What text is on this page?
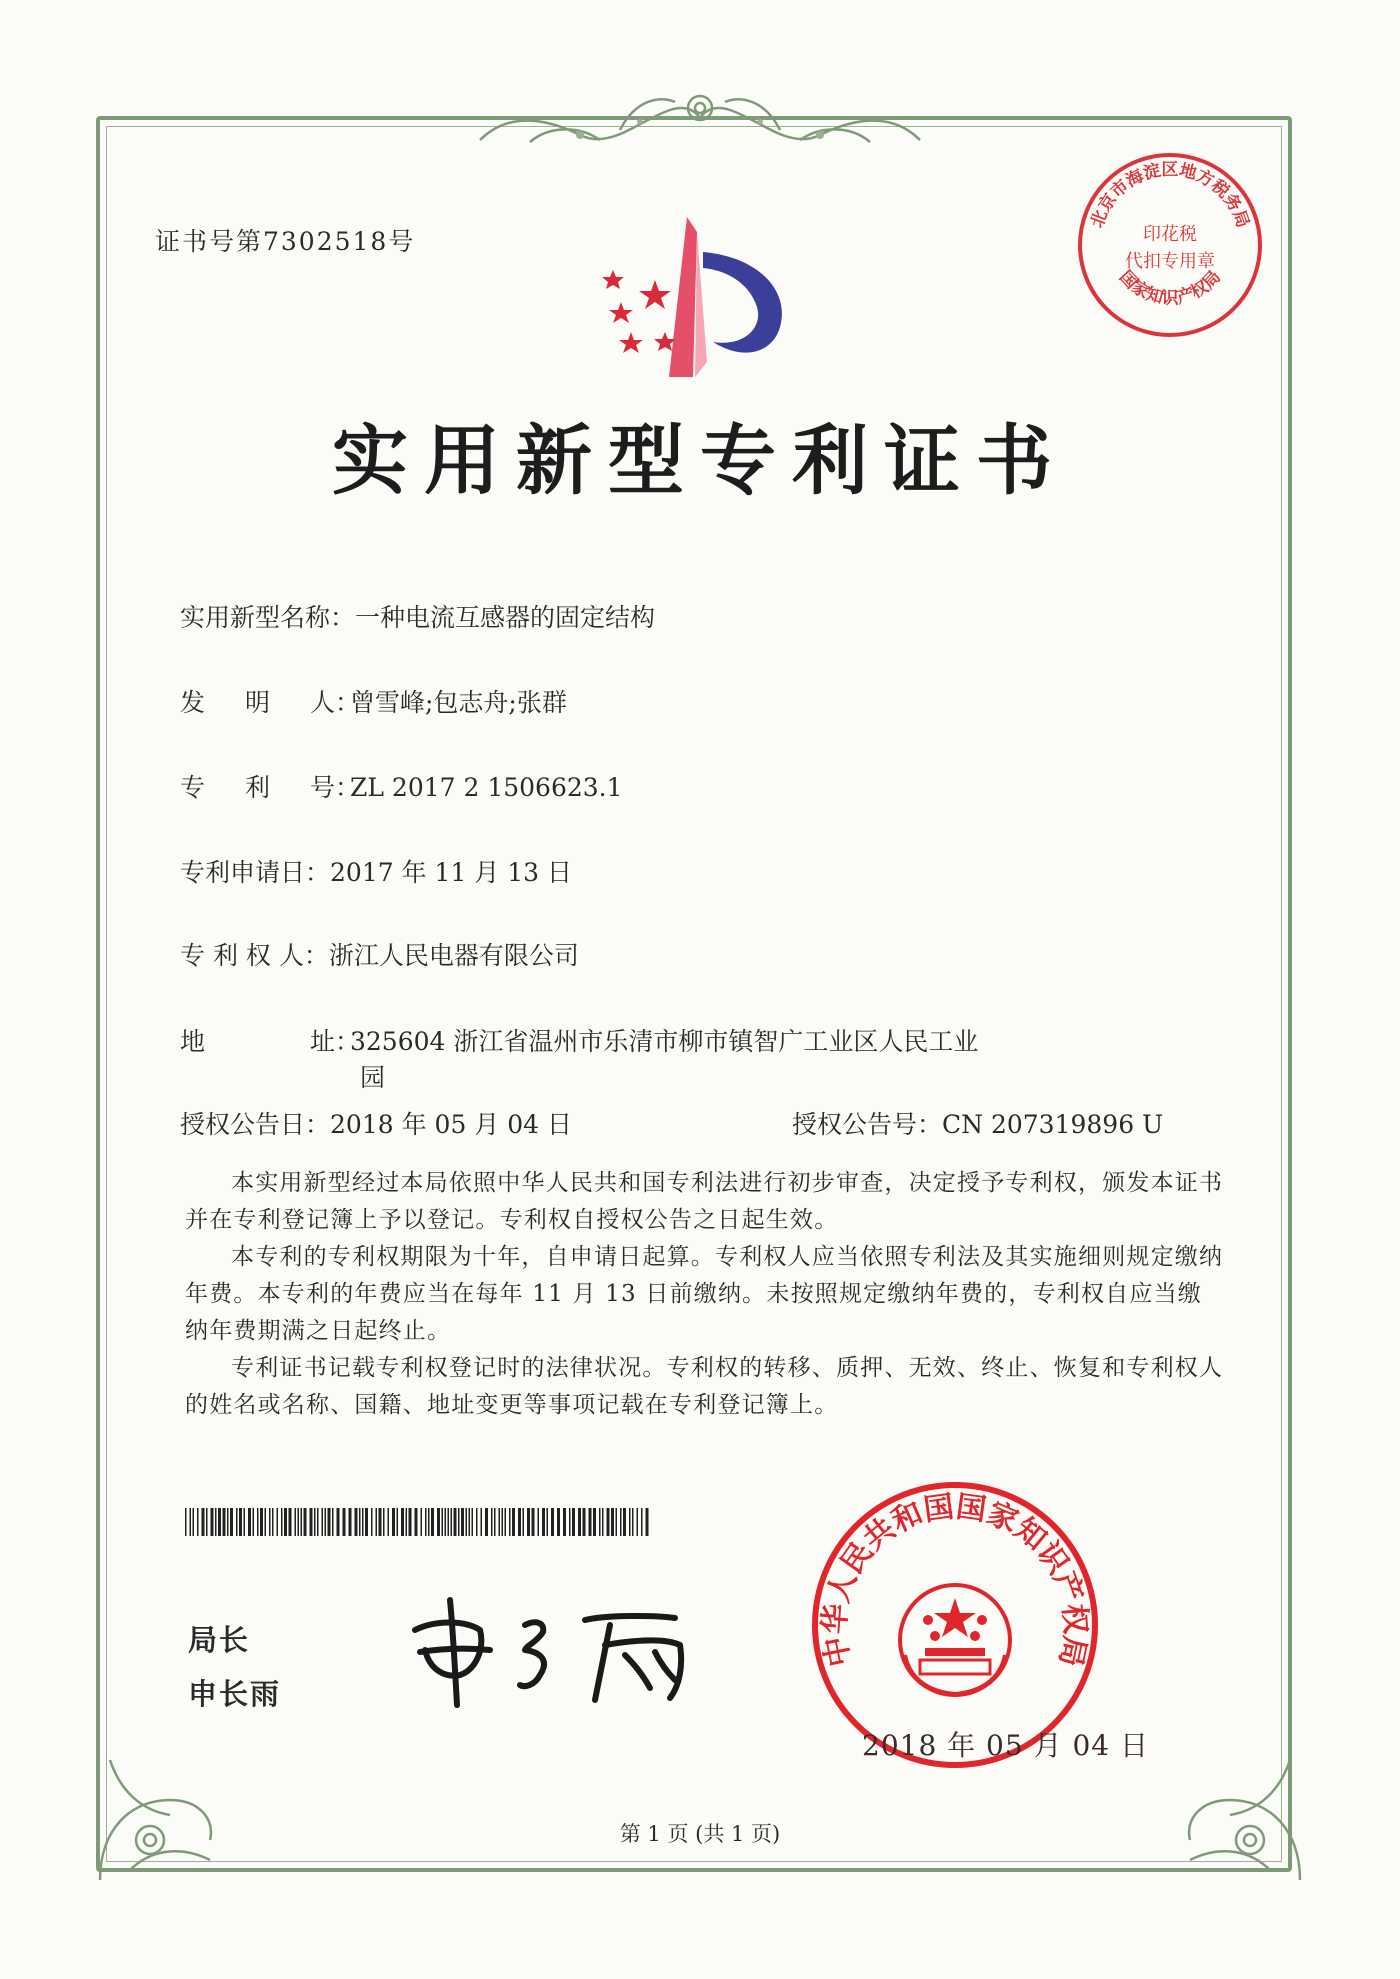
证书号第7302518号
北京市海淀区地方税务局
国家知识产权局
印花税
代扣专用章
实用新型专利证书
实用新型名称：一种电流互感器的固定结构
发 明 人：曾雪峰;包志舟;张群
专 利 号：ZL 2017 2 1506623.1
专利申请日：2017 年 11 月 13 日
专 利 权 人：浙江人民电器有限公司
地	址：325604 浙江省温州市乐清市柳市镇智广工业区人民工业
园
授权公告日：2018 年 05 月 04 日	授权公告号：CN 207319896 U

本实用新型经过本局依照中华人民共和国专利法进行初步审查，决定授予专利权，颁发本证书并在专利登记簿上予以登记。专利权自授权公告之日起生效。

本专利的专利权期限为十年，自申请日起算。专利权人应当依照专利法及其实施细则规定缴纳年费。本专利的年费应当在每年 11 月 13 日前缴纳。未按照规定缴纳年费的，专利权自应当缴纳年费期满之日起终止。

专利证书记载专利权登记时的法律状况。专利权的转移、质押、无效、终止、恢复和专利权人的姓名或名称、国籍、地址变更等事项记载在专利登记簿上。

局长
申长雨
中华人民共和国国家知识产权局
2018 年 05 月 04 日
第 1 页 (共 1 页)
